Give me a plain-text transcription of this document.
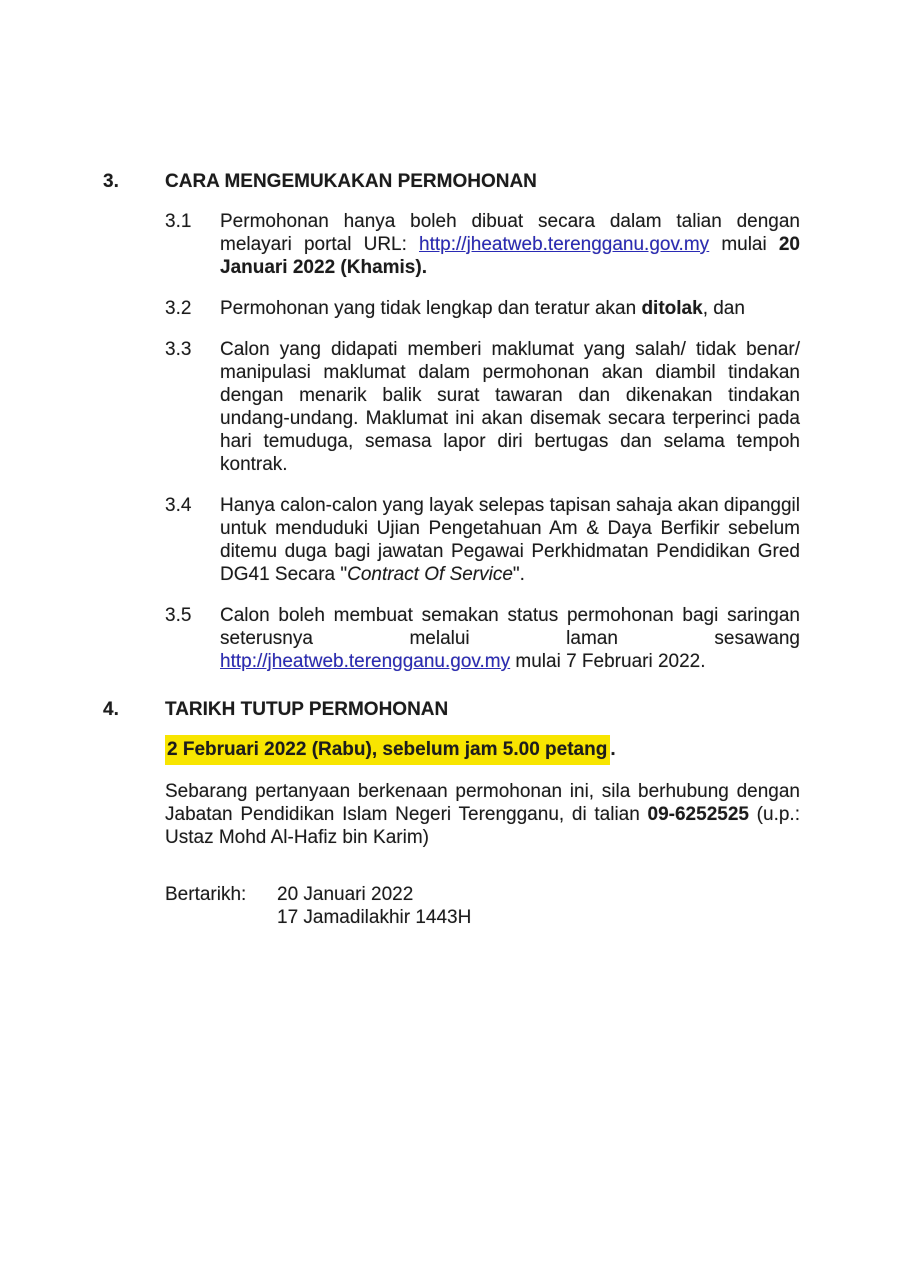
3.	CARA MENGEMUKAKAN PERMOHONAN
3.1	Permohonan hanya boleh dibuat secara dalam talian dengan melayari portal URL: http://jheatweb.terengganu.gov.my mulai 20 Januari 2022 (Khamis).

3.2	Permohonan yang tidak lengkap dan teratur akan ditolak, dan

3.3	Calon yang didapati memberi maklumat yang salah/ tidak benar/ manipulasi maklumat dalam permohonan akan diambil tindakan dengan menarik balik surat tawaran dan dikenakan tindakan undang-undang. Maklumat ini akan disemak secara terperinci pada hari temuduga, semasa lapor diri bertugas dan selama tempoh kontrak.

3.4	Hanya calon-calon yang layak selepas tapisan sahaja akan dipanggil untuk menduduki Ujian Pengetahuan Am & Daya Berfikir sebelum ditemu duga bagi jawatan Pegawai Perkhidmatan Pendidikan Gred DG41 Secara "Contract Of Service".

3.5	Calon boleh membuat semakan status permohonan bagi saringan seterusnya melalui laman sesawang http://jheatweb.terengganu.gov.my mulai 7 Februari 2022.

4.	TARIKH TUTUP PERMOHONAN
2 Februari 2022 (Rabu), sebelum jam 5.00 petang .

Sebarang pertanyaan berkenaan permohonan ini, sila berhubung dengan Jabatan Pendidikan Islam Negeri Terengganu, di talian 09-6252525 (u.p.: Ustaz Mohd Al-Hafiz bin Karim)

Bertarikh:	20 Januari 2022
17 Jamadilakhir 1443H
